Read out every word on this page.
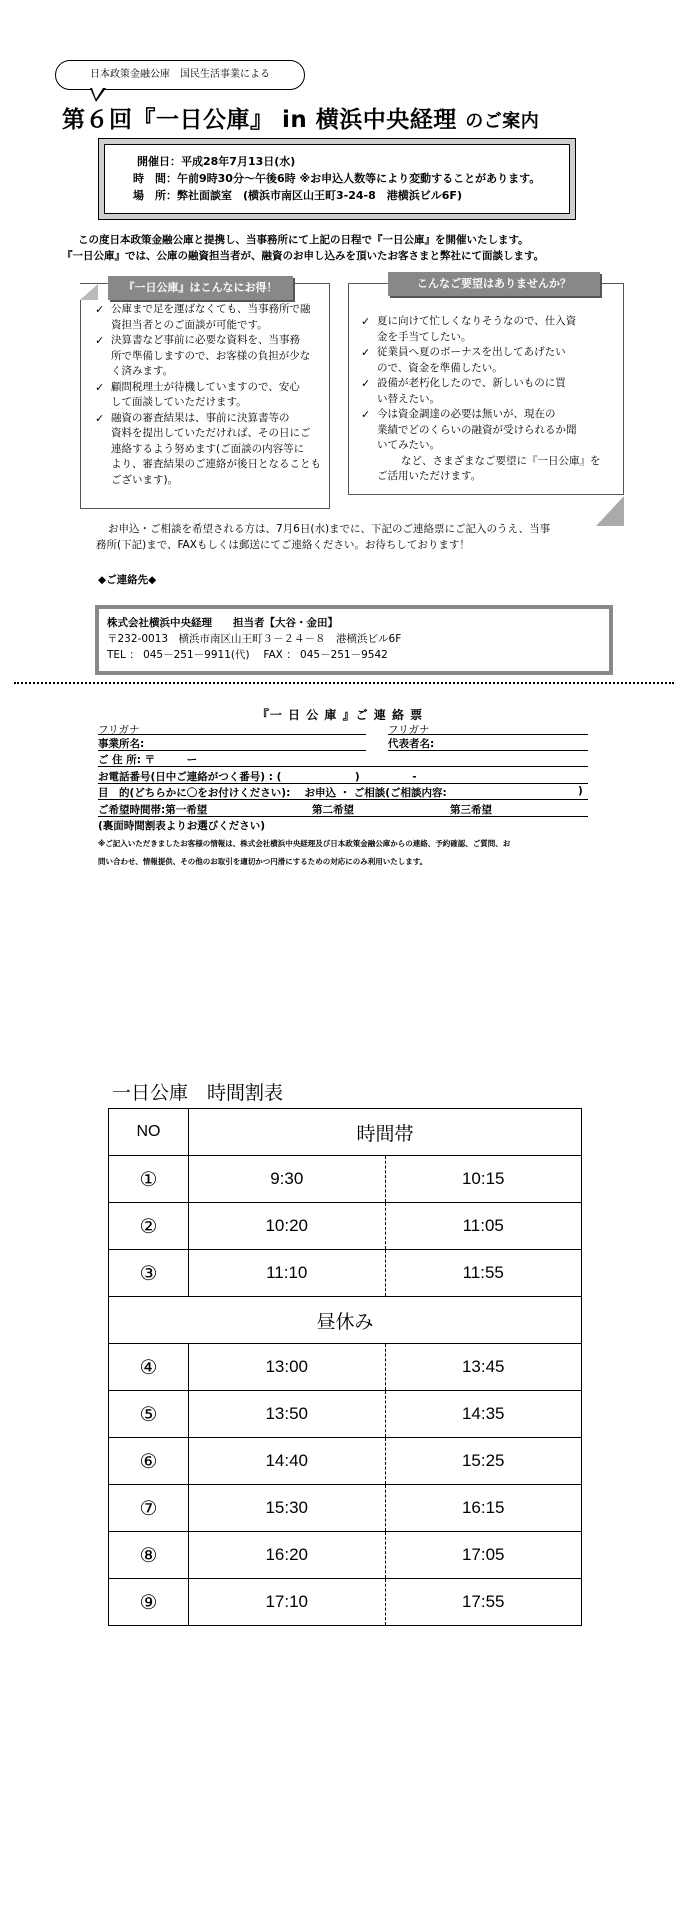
日本政策金融公庫　国民生活事業による
第６回『一日公庫』 in 横浜中央経理 のご案内
開催日：平成28年7月13日(水)
時　間：午前9時30分～午後6時 ※お申込人数等により変動することがあります。
場　所：弊社面談室　(横浜市南区山王町3-24-8　港横浜ビル6F)
この度日本政策金融公庫と提携し、当事務所にて上記の日程で『一日公庫』を開催いたします。
『一日公庫』では、公庫の融資担当者が、融資のお申し込みを頂いたお客さまと弊社にて面談します。
✓ 公庫まで足を運ばなくても、当事務所で融
資担当者とのご面談が可能です。
✓ 決算書など事前に必要な資料を、当事務
所で準備しますので、お客様の負担が少な
く済みます。
✓ 顧問税理士が待機していますので、安心
して面談していただけます。
✓ 融資の審査結果は、事前に決算書等の
資料を提出していただければ、その日にご
連絡するよう努めます(ご面談の内容等に
より、審査結果のご連絡が後日となることも
ございます)。
『一日公庫』はこんなにお得！
✓ 夏に向けて忙しくなりそうなので、仕入資
金を手当てしたい。
✓ 従業員へ夏のボーナスを出してあげたい
ので、資金を準備したい。
✓ 設備が老朽化したので、新しいものに買
い替えたい。
✓ 今は資金調達の必要は無いが、現在の
業績でどのくらいの融資が受けられるか聞
いてみたい。
など、さまざまなご要望に『一日公庫』を
ご活用いただけます。
こんなご要望はありませんか？
お申込・ご相談を希望される方は、7月6日(水)までに、下記のご連絡票にご記入のうえ、当事
務所(下記)まで、FAXもしくは郵送にてご連絡ください。お待ちしております！
◆ご連絡先◆
株式会社横浜中央経理　　担当者【大谷・金田】
〒232-0013　横浜市南区山王町３－２４－８　港横浜ビル6F
TEL ： 045－251－9911(代)　 FAX ： 045－251－9542
『一 日 公 庫 』ご 連 絡 票
フリガナ	フリガナ
事業所名:	代表者名:
ご 住 所: 〒　　　ー
お電話番号(日中ご連絡がつく番号) : (　　　　　　　)　　　　　-
目　的(どちらかに〇をお付けください):　 お申込 ・ ご相談(ご相談内容:	)
ご希望時間帯:第一希望	第二希望	第三希望
(裏面時間割表よりお選びください)
※ご記入いただきましたお客様の情報は、株式会社横浜中央経理及び日本政策金融公庫からの連絡、予約確認、ご質問、お
問い合わせ、情報提供、その他のお取引を適切かつ円滑にするための対応にのみ利用いたします。
一日公庫　時間割表
NO	時間帯	
①	9:30	10:15
②	10:20	11:05
③	11:10	11:55
昼休み		
④	13:00	13:45
⑤	13:50	14:35
⑥	14:40	15:25
⑦	15:30	16:15
⑧	16:20	17:05
⑨	17:10	17:55
